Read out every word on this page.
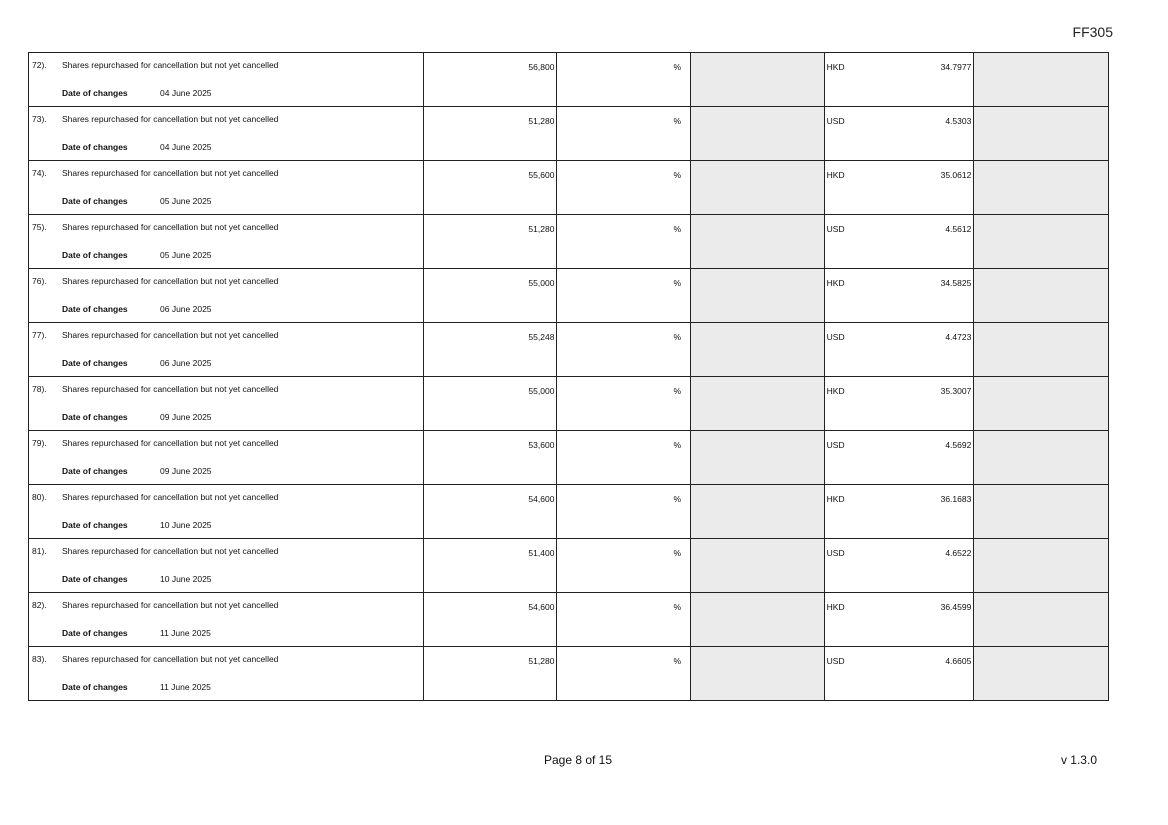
FF305
72). Shares repurchased for cancellation but not yet cancelled
Date of changes 04 June 2025	56,800	%		HKD 34.7977	

73). Shares repurchased for cancellation but not yet cancelled
Date of changes 04 June 2025	51,280	%		USD 4.5303	

74). Shares repurchased for cancellation but not yet cancelled
Date of changes 05 June 2025	55,600	%		HKD 35.0612	

75). Shares repurchased for cancellation but not yet cancelled
Date of changes 05 June 2025	51,280	%		USD 4.5612	

76). Shares repurchased for cancellation but not yet cancelled
Date of changes 06 June 2025	55,000	%		HKD 34.5825	

77). Shares repurchased for cancellation but not yet cancelled
Date of changes 06 June 2025	55,248	%		USD 4.4723	

78). Shares repurchased for cancellation but not yet cancelled
Date of changes 09 June 2025	55,000	%		HKD 35.3007	

79). Shares repurchased for cancellation but not yet cancelled
Date of changes 09 June 2025	53,600	%		USD 4.5692	

80). Shares repurchased for cancellation but not yet cancelled
Date of changes 10 June 2025	54,600	%		HKD 36.1683	

81). Shares repurchased for cancellation but not yet cancelled
Date of changes 10 June 2025	51,400	%		USD 4.6522	

82). Shares repurchased for cancellation but not yet cancelled
Date of changes 11 June 2025	54,600	%		HKD 36.4599	

83). Shares repurchased for cancellation but not yet cancelled
Date of changes 11 June 2025	51,280	%		USD 4.6605	

Page 8 of 15	v 1.3.0
